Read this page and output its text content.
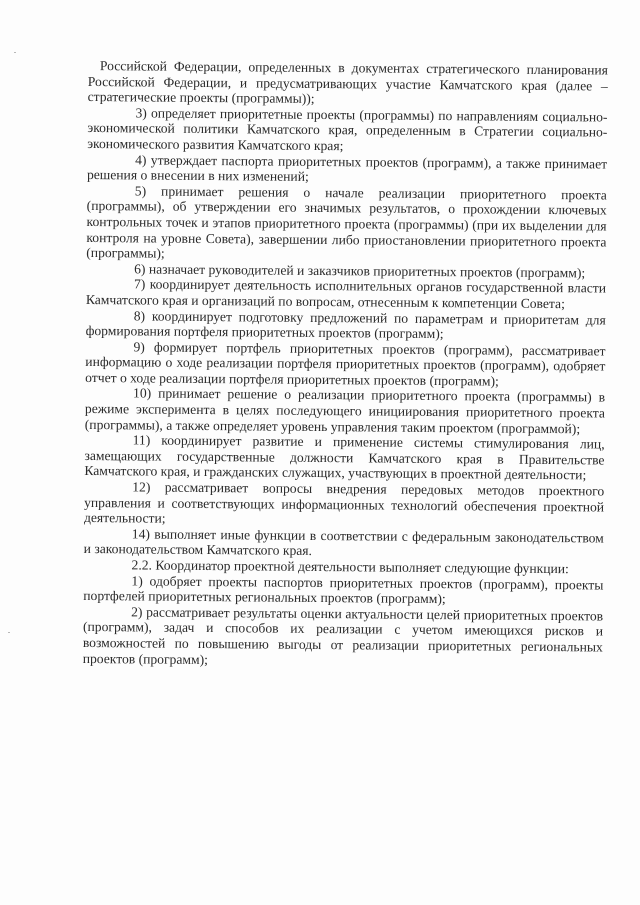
Российской Федерации, определенных в документах стратегического планирования Российской Федерации, и предусматривающих участие Камчатского края (далее – стратегические проекты (программы));

3) определяет приоритетные проекты (программы) по направлениям социально-экономической политики Камчатского края, определенным в Стратегии социально-экономического развития Камчатского края;

4) утверждает паспорта приоритетных проектов (программ), а также принимает решения о внесении в них изменений;

5) принимает решения о начале реализации приоритетного проекта (программы), об утверждении его значимых результатов, о прохождении ключевых контрольных точек и этапов приоритетного проекта (программы) (при их выделении для контроля на уровне Совета), завершении либо приостановлении приоритетного проекта (программы);

6) назначает руководителей и заказчиков приоритетных проектов (программ);

7) координирует деятельность исполнительных органов государственной власти Камчатского края и организаций по вопросам, отнесенным к компетенции Совета;

8) координирует подготовку предложений по параметрам и приоритетам для формирования портфеля приоритетных проектов (программ);

9) формирует портфель приоритетных проектов (программ), рассматривает информацию о ходе реализации портфеля приоритетных проектов (программ), одобряет отчет о ходе реализации портфеля приоритетных проектов (программ);

10) принимает решение о реализации приоритетного проекта (программы) в режиме эксперимента в целях последующего инициирования приоритетного проекта (программы), а также определяет уровень управления таким проектом (программой);

11) координирует развитие и применение системы стимулирования лиц, замещающих государственные должности Камчатского края в Правительстве Камчатского края, и гражданских служащих, участвующих в проектной деятельности;

12) рассматривает вопросы внедрения передовых методов проектного управления и соответствующих информационных технологий обеспечения проектной деятельности;

14) выполняет иные функции в соответствии с федеральным законодательством и законодательством Камчатского края.

2.2. Координатор проектной деятельности выполняет следующие функции:

1) одобряет проекты паспортов приоритетных проектов (программ), проекты портфелей приоритетных региональных проектов (программ);

2) рассматривает результаты оценки актуальности целей приоритетных проектов (программ), задач и способов их реализации с учетом имеющихся рисков и возможностей по повышению выгоды от реализации приоритетных региональных проектов (программ);
